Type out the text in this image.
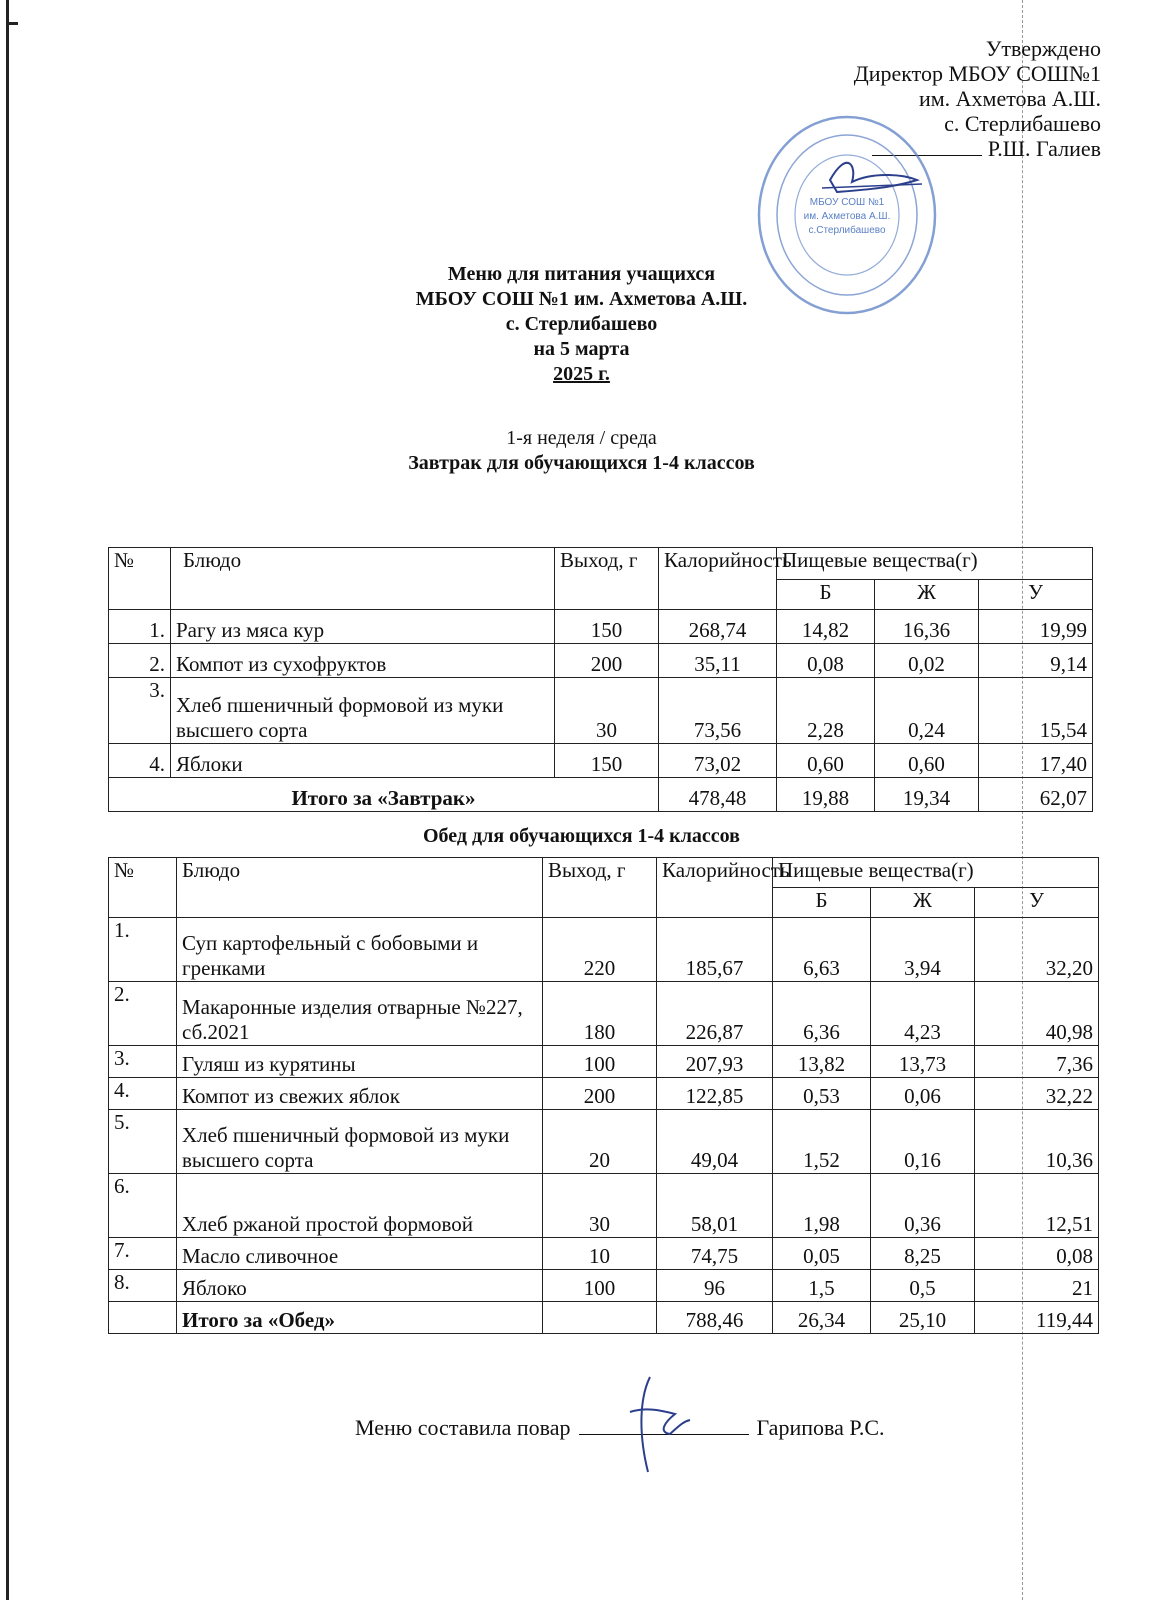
Утверждено
Директор МБОУ СОШ№1
им. Ахметова А.Ш.
с. Стерлибашево
Р.Ш. Галиев
МБОУ СОШ №1
им. Ахметова А.Ш.
с.Стерлибашево
Меню для питания учащихся
МБОУ СОШ №1 им. Ахметова А.Ш.
с. Стерлибашево
на 5 марта
2025 г.
1-я неделя / среда
Завтрак для обучающихся 1-4 классов
№	Блюдо	Выход, г	Калорийность	Пищевые вещества(г)		
				Б	Ж	У
1.	Рагу из мяса кур	150	268,74	14,82	16,36	19,99
2.	Компот из сухофруктов	200	35,11	0,08	0,02	9,14
3.	Хлеб пшеничный формовой из муки высшего сорта	30	73,56	2,28	0,24	15,54
4.	Яблоки	150	73,02	0,60	0,60	17,40
Итого за «Завтрак»			478,48	19,88	19,34	62,07
Обед для обучающихся 1-4 классов
№	Блюдо	Выход, г	Калорийность	Пищевые вещества(г)		
				Б	Ж	У
1.	Суп картофельный с бобовыми и гренками	220	185,67	6,63	3,94	32,20
2.	Макаронные изделия отварные №227, сб.2021	180	226,87	6,36	4,23	40,98
3.	Гуляш из курятины	100	207,93	13,82	13,73	7,36
4.	Компот из свежих яблок	200	122,85	0,53	0,06	32,22
5.	Хлеб пшеничный формовой из муки высшего сорта	20	49,04	1,52	0,16	10,36
6.	Хлеб ржаной простой формовой	30	58,01	1,98	0,36	12,51
7.	Масло сливочное	10	74,75	0,05	8,25	0,08
8.	Яблоко	100	96	1,5	0,5	21
	Итого за «Обед»		788,46	26,34	25,10	119,44
Меню составила повар	Гарипова Р.С.
